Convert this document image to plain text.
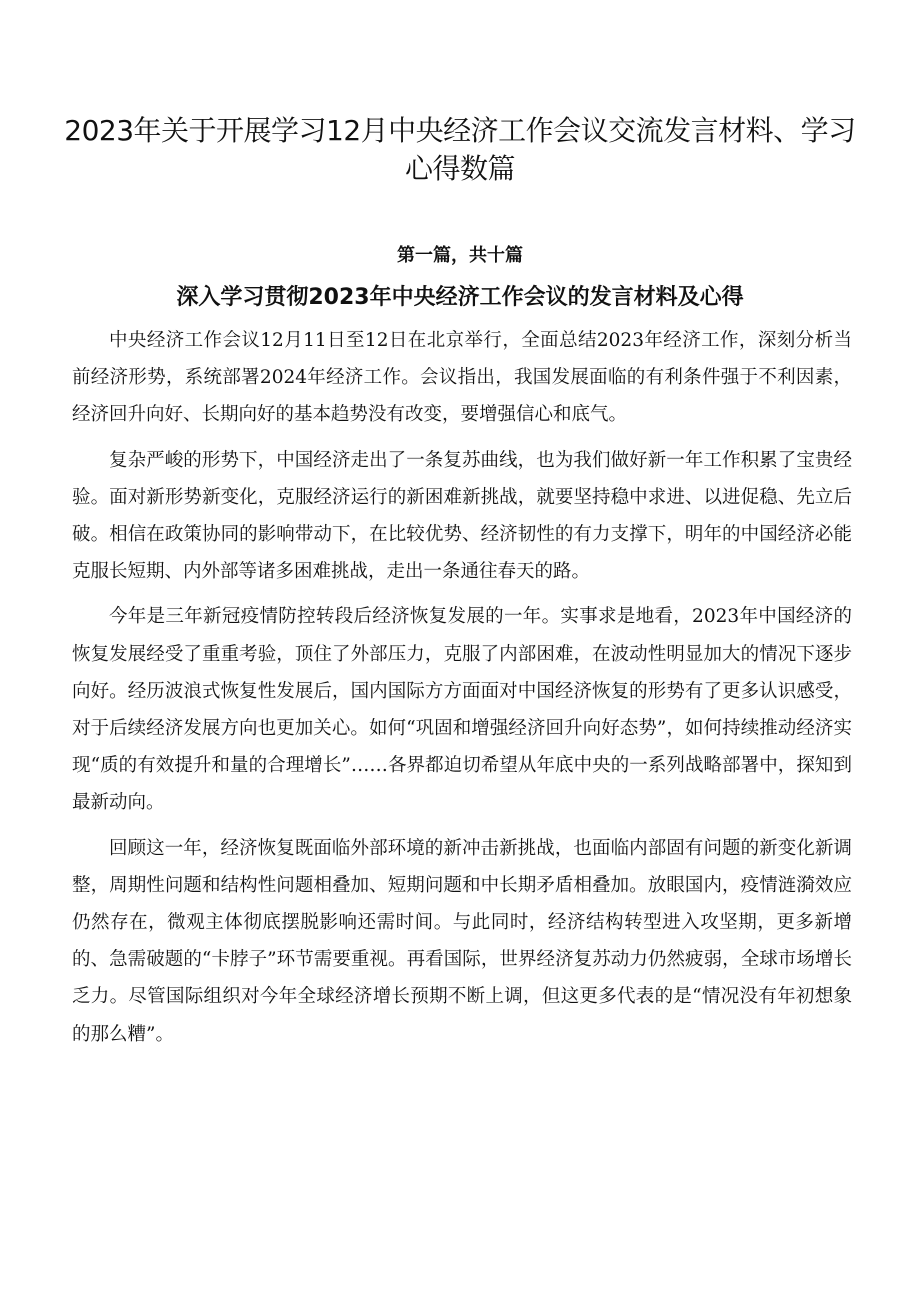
2023年关于开展学习12月中央经济工作会议交流发言材料、学习心得数篇
第一篇，共十篇
深入学习贯彻2023年中央经济工作会议的发言材料及心得

中央经济工作会议12月11日至12日在北京举行，全面总结2023年经济工作，深刻分析当前经济形势，系统部署2024年经济工作。会议指出，我国发展面临的有利条件强于不利因素，经济回升向好、长期向好的基本趋势没有改变，要增强信心和底气。

复杂严峻的形势下，中国经济走出了一条复苏曲线，也为我们做好新一年工作积累了宝贵经验。面对新形势新变化，克服经济运行的新困难新挑战，就要坚持稳中求进、以进促稳、先立后破。相信在政策协同的影响带动下，在比较优势、经济韧性的有力支撑下，明年的中国经济必能克服长短期、内外部等诸多困难挑战，走出一条通往春天的路。

今年是三年新冠疫情防控转段后经济恢复发展的一年。实事求是地看，2023年中国经济的恢复发展经受了重重考验，顶住了外部压力，克服了内部困难，在波动性明显加大的情况下逐步向好。经历波浪式恢复性发展后，国内国际方方面面对中国经济恢复的形势有了更多认识感受，对于后续经济发展方向也更加关心。如何“巩固和增强经济回升向好态势”，如何持续推动经济实现“质的有效提升和量的合理增长”……各界都迫切希望从年底中央的一系列战略部署中，探知到最新动向。

回顾这一年，经济恢复既面临外部环境的新冲击新挑战，也面临内部固有问题的新变化新调整，周期性问题和结构性问题相叠加、短期问题和中长期矛盾相叠加。放眼国内，疫情涟漪效应仍然存在，微观主体彻底摆脱影响还需时间。与此同时，经济结构转型进入攻坚期，更多新增的、急需破题的“卡脖子”环节需要重视。再看国际，世界经济复苏动力仍然疲弱，全球市场增长乏力。尽管国际组织对今年全球经济增长预期不断上调，但这更多代表的是“情况没有年初想象的那么糟”。
